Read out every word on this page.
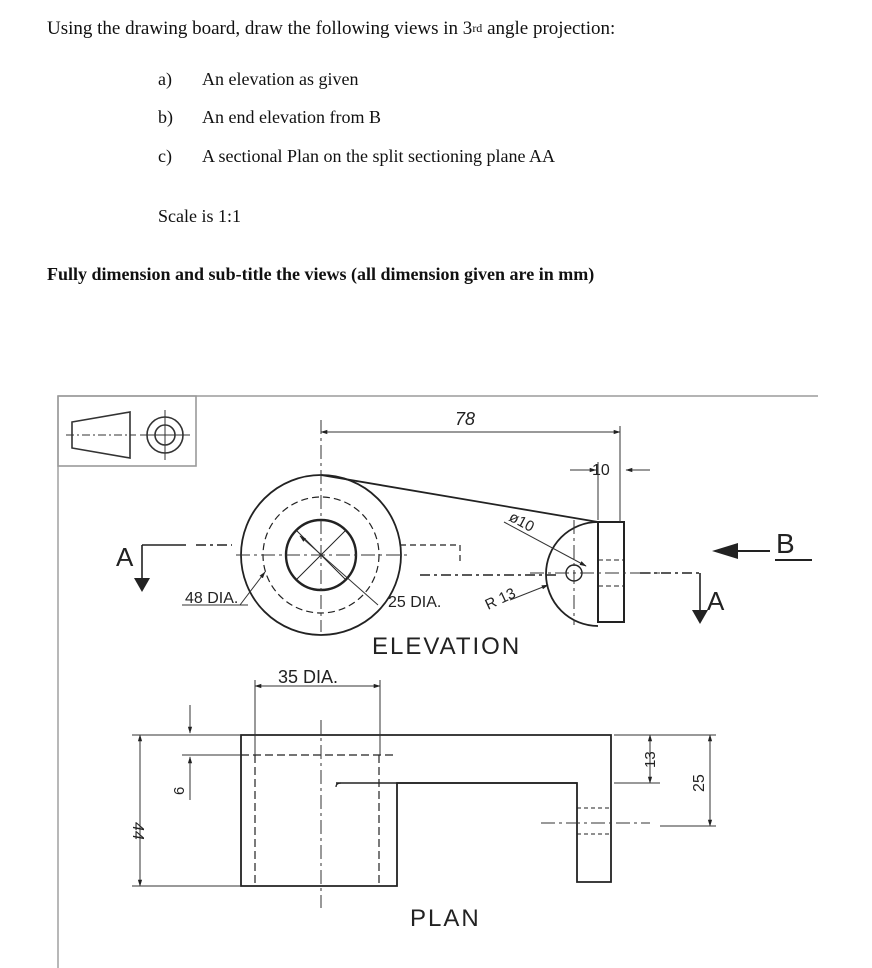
Using the drawing board, draw the following views in 3rd angle projection:
a) An elevation as given
b) An end elevation from B
c) A sectional Plan on the split sectioning plane AA
Scale is 1:1
Fully dimension and sub-title the views (all dimension given are in mm)
78
10
ø10
48 DIA.	25 DIA.	R 13
ELEVATION
A
A
B
35 DIA.
6
44
13
25
PLAN
